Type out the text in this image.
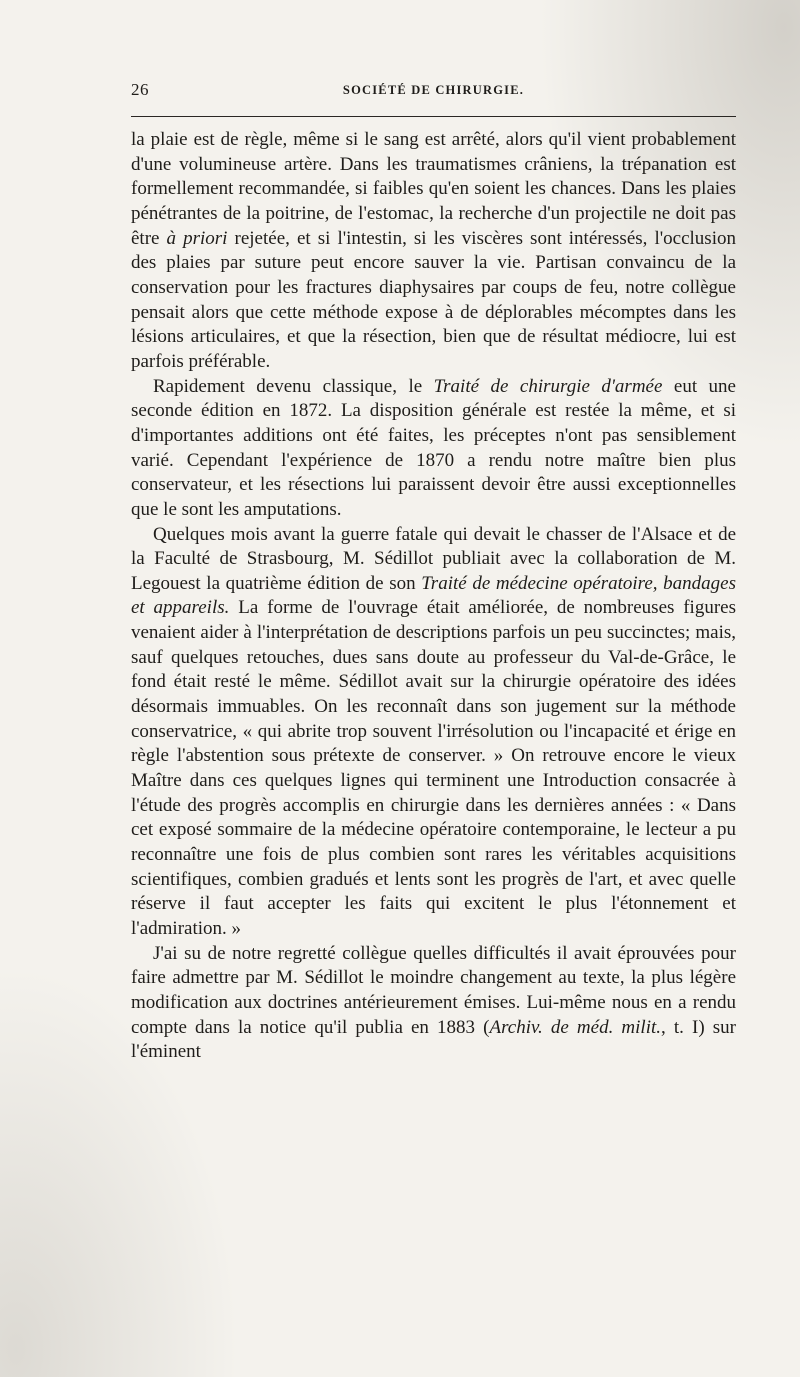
26	SOCIÉTÉ DE CHIRURGIE.

la plaie est de règle, même si le sang est arrêté, alors qu'il vient probablement d'une volumineuse artère. Dans les traumatismes crâniens, la trépanation est formellement recommandée, si faibles qu'en soient les chances. Dans les plaies pénétrantes de la poitrine, de l'estomac, la recherche d'un projectile ne doit pas être à priori rejetée, et si l'intestin, si les viscères sont intéressés, l'occlusion des plaies par suture peut encore sauver la vie. Partisan convaincu de la conservation pour les fractures diaphysaires par coups de feu, notre collègue pensait alors que cette méthode expose à de déplorables mécomptes dans les lésions articulaires, et que la résection, bien que de résultat médiocre, lui est parfois préférable.

Rapidement devenu classique, le Traité de chirurgie d'armée eut une seconde édition en 1872. La disposition générale est restée la même, et si d'importantes additions ont été faites, les préceptes n'ont pas sensiblement varié. Cependant l'expérience de 1870 a rendu notre maître bien plus conservateur, et les résections lui paraissent devoir être aussi exceptionnelles que le sont les amputations.

Quelques mois avant la guerre fatale qui devait le chasser de l'Alsace et de la Faculté de Strasbourg, M. Sédillot publiait avec la collaboration de M. Legouest la quatrième édition de son Traité de médecine opératoire, bandages et appareils. La forme de l'ouvrage était améliorée, de nombreuses figures venaient aider à l'interprétation de descriptions parfois un peu succinctes; mais, sauf quelques retouches, dues sans doute au professeur du Val-de-Grâce, le fond était resté le même. Sédillot avait sur la chirurgie opératoire des idées désormais immuables. On les reconnaît dans son jugement sur la méthode conservatrice, « qui abrite trop souvent l'irrésolution ou l'incapacité et érige en règle l'abstention sous prétexte de conserver. » On retrouve encore le vieux Maître dans ces quelques lignes qui terminent une Introduction consacrée à l'étude des progrès accomplis en chirurgie dans les dernières années : « Dans cet exposé sommaire de la médecine opératoire contemporaine, le lecteur a pu reconnaître une fois de plus combien sont rares les véritables acquisitions scientifiques, combien gradués et lents sont les progrès de l'art, et avec quelle réserve il faut accepter les faits qui excitent le plus l'étonnement et l'admiration. »

J'ai su de notre regretté collègue quelles difficultés il avait éprouvées pour faire admettre par M. Sédillot le moindre changement au texte, la plus légère modification aux doctrines antérieurement émises. Lui-même nous en a rendu compte dans la notice qu'il publia en 1883 (Archiv. de méd. milit., t. I) sur l'éminent
